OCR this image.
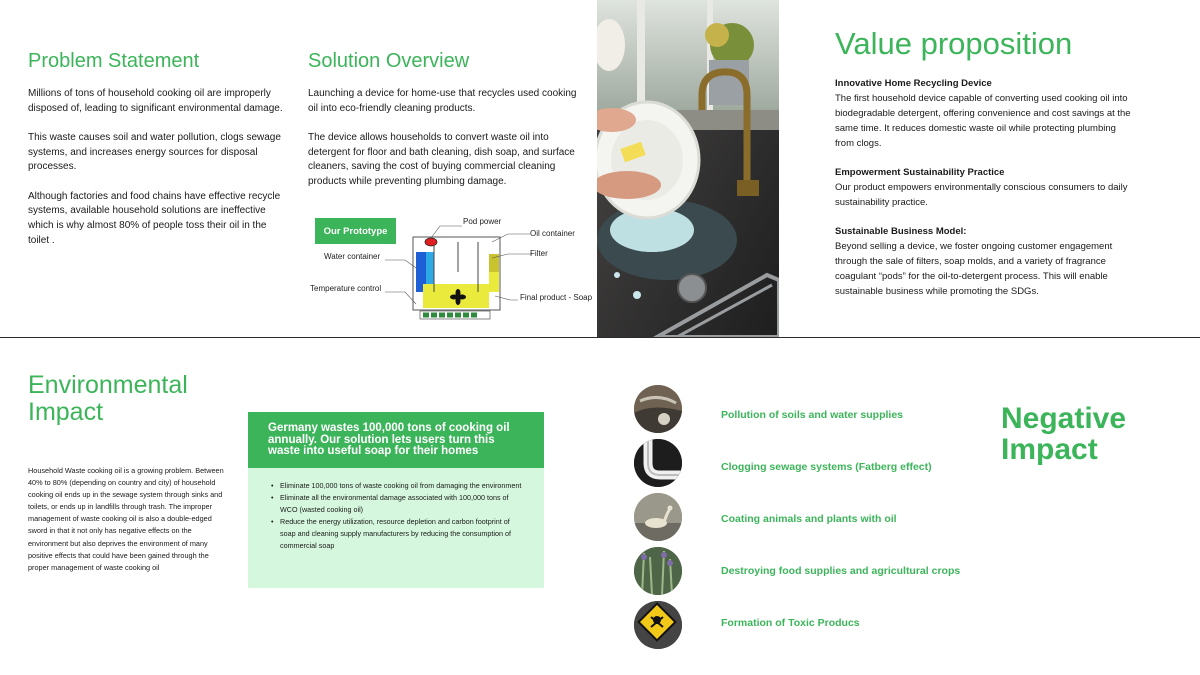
Problem Statement

Millions of tons of household cooking oil are improperly disposed of, leading to significant environmental damage.

This waste causes soil and water pollution, clogs sewage systems, and increases energy sources for disposal processes.

Although factories and food chains have effective recycle systems, available household solutions are ineffective which is why almost 80% of people toss their oil in the toilet .

Solution Overview

Launching a device for home-use that recycles used cooking oil into eco-friendly cleaning products.

The device allows households to convert waste oil into detergent for floor and bath cleaning, dish soap, and surface cleaners, saving the cost of buying commercial cleaning products while preventing plumbing damage.

Our Prototype
Pod power
Oil container
Water container	Filter
Temperature control
Final product - Soap
Value proposition
Innovative Home Recycling Device
The first household device capable of converting used cooking oil into biodegradable detergent, offering convenience and cost savings at the same time. It reduces domestic waste oil while protecting plumbing from clogs.
Empowerment Sustainability Practice
Our product empowers environmentally conscious consumers to daily sustainability practice.
Sustainable Business Model:
Beyond selling a device, we foster ongoing customer engagement through the sale of filters, soap molds, and a variety of fragrance coagulant “pods” for the oil-to-detergent process. This will enable sustainable business while promoting the SDGs.
Environmental
Impact
Household Waste cooking oil is a growing problem. Between 40% to 80% (depending on country and city) of household cooking oil ends up in the sewage system through sinks and toilets, or ends up in landfills through trash. The improper management of waste cooking oil is also a double-edged sword in that it not only has negative effects on the environment but also deprives the environment of many positive effects that could have been gained through the proper management of waste cooking oil
Germany wastes 100,000 tons of cooking oil annually. Our solution lets users turn this waste into useful soap for their homes
• Eliminate 100,000 tons of waste cooking oil from damaging the environment
• Eliminate all the environmental damage associated with 100,000 tons of WCO (wasted cooking oil)
• Reduce the energy utilization, resource depletion and carbon footprint of soap and cleaning supply manufacturers by reducing the consumption of commercial soap
Pollution of soils and water supplies
Clogging sewage systems (Fatberg effect)
Coating animals and plants with oil
Destroying food supplies and agricultural crops
Formation of Toxic Producs
Negative
Impact
